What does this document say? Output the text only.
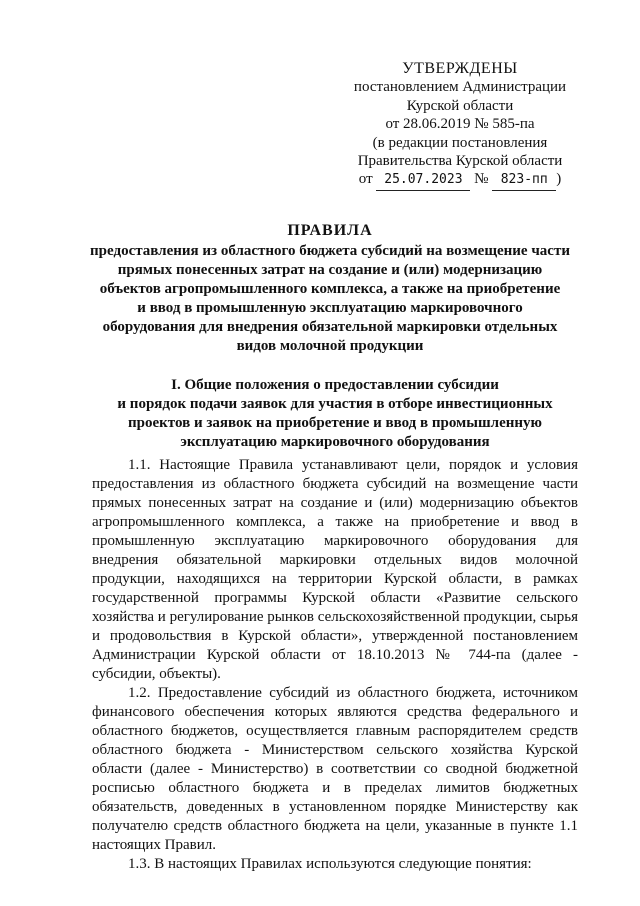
УТВЕРЖДЕНЫ
постановлением Администрации
Курской области
от 28.06.2019 № 585-па
(в редакции постановления
Правительства Курской области
от 25.07.2023 № 823-пп )
ПРАВИЛА
предоставления из областного бюджета субсидий на возмещение части
прямых понесенных затрат на создание и (или) модернизацию
объектов агропромышленного комплекса, а также на приобретение
и ввод в промышленную эксплуатацию маркировочного
оборудования для внедрения обязательной маркировки отдельных
видов молочной продукции
I. Общие положения о предоставлении субсидии
и порядок подачи заявок для участия в отборе инвестиционных
проектов и заявок на приобретение и ввод в промышленную
эксплуатацию маркировочного оборудования

1.1. Настоящие Правила устанавливают цели, порядок и условия предоставления из областного бюджета субсидий на возмещение части прямых понесенных затрат на создание и (или) модернизацию объектов агропромышленного комплекса, а также на приобретение и ввод в промышленную эксплуатацию маркировочного оборудования для внедрения обязательной маркировки отдельных видов молочной продукции, находящихся на территории Курской области, в рамках государственной программы Курской области «Развитие сельского хозяйства и регулирование рынков сельскохозяйственной продукции, сырья и продовольствия в Курской области», утвержденной постановлением Администрации Курской области от 18.10.2013 № 744-па (далее - субсидии, объекты).

1.2. Предоставление субсидий из областного бюджета, источником финансового обеспечения которых являются средства федерального и областного бюджетов, осуществляется главным распорядителем средств областного бюджета - Министерством сельского хозяйства Курской области (далее - Министерство) в соответствии со сводной бюджетной росписью областного бюджета и в пределах лимитов бюджетных обязательств, доведенных в установленном порядке Министерству как получателю средств областного бюджета на цели, указанные в пункте 1.1 настоящих Правил.

1.3. В настоящих Правилах используются следующие понятия:
